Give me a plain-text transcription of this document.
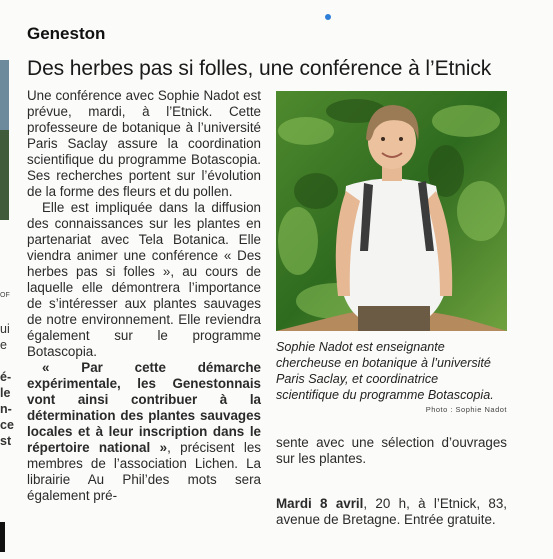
OF
ui
e
é-
le
n-
ce
st
Geneston
Des herbes pas si folles, une conférence à l’Etnick

Une conférence avec Sophie Nadot est prévue, mardi, à l’Etnick. Cette professeure de botanique à l’université Paris Saclay assure la coordination scientifique du programme Botascopia. Ses recherches portent sur l’évolution de la forme des fleurs et du pollen.

Elle est impliquée dans la diffusion des connaissances sur les plantes en partenariat avec Tela Botanica. Elle viendra animer une conférence « Des herbes pas si folles », au cours de laquelle elle démontrera l’importance de s’intéresser aux plantes sauvages de notre environnement. Elle reviendra également sur le programme Botascopia.

« Par cette démarche expérimentale, les Genestonnais vont ainsi contribuer à la détermination des plantes sauvages locales et à leur inscription dans le répertoire national », précisent les membres de l’association Lichen. La librairie Au Phil’des mots sera également pré-

Sophie Nadot est enseignante chercheuse en botanique à l’université Paris Saclay, et coordinatrice scientifique du programme Botascopia.
Photo : Sophie Nadot

sente avec une sélection d’ouvrages sur les plantes.

Mardi 8 avril, 20 h, à l’Etnick, 83, avenue de Bretagne. Entrée gratuite.
